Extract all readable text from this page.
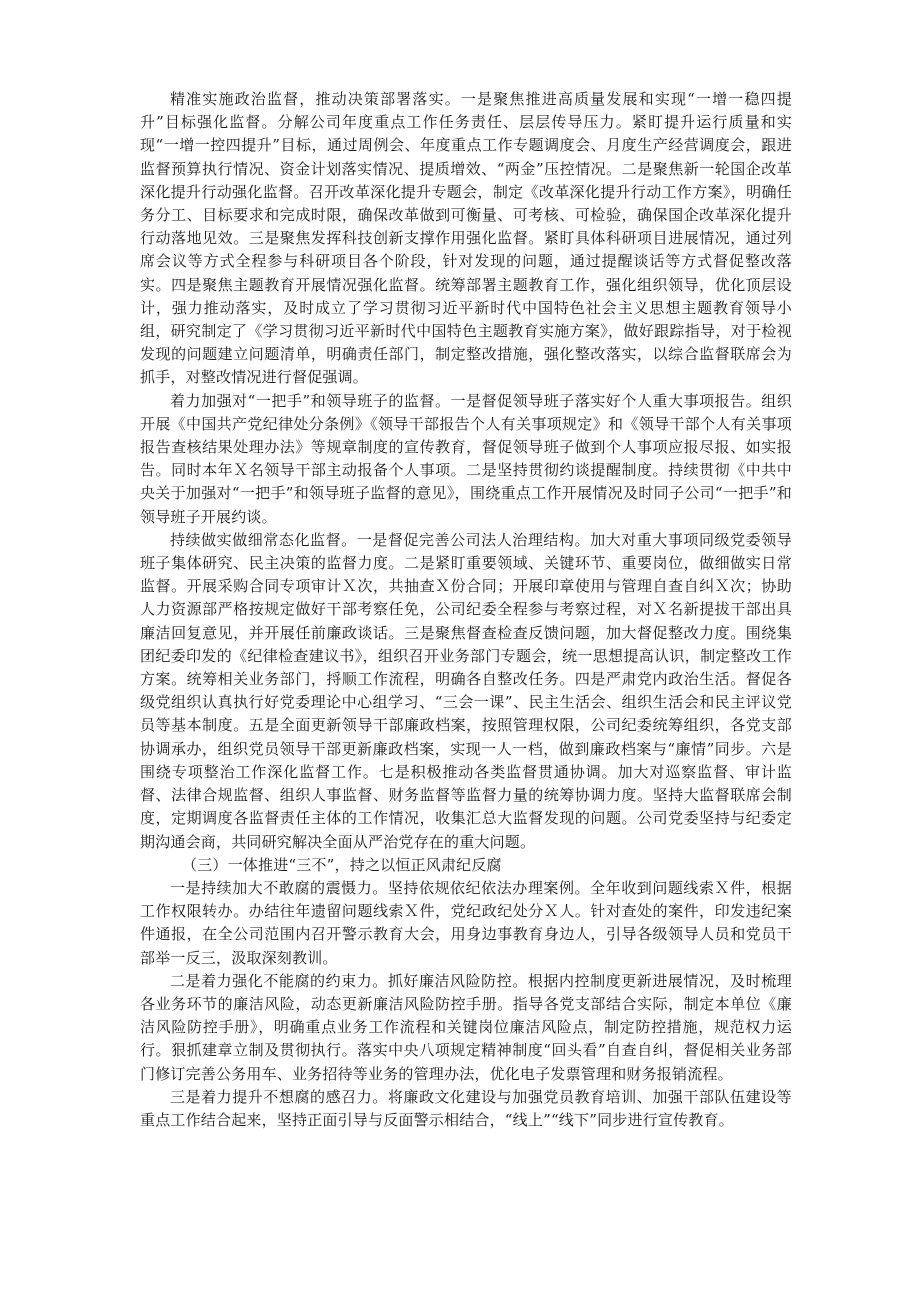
精准实施政治监督，推动决策部署落实。一是聚焦推进高质量发展和实现“一增一稳四提升”目标强化监督。分解公司年度重点工作任务责任、层层传导压力。紧盯提升运行质量和实现“一增一控四提升”目标，通过周例会、年度重点工作专题调度会、月度生产经营调度会，跟进监督预算执行情况、资金计划落实情况、提质增效、“两金”压控情况。二是聚焦新一轮国企改革深化提升行动强化监督。召开改革深化提升专题会，制定《改革深化提升行动工作方案》，明确任务分工、目标要求和完成时限，确保改革做到可衡量、可考核、可检验，确保国企改革深化提升行动落地见效。三是聚焦发挥科技创新支撑作用强化监督。紧盯具体科研项目进展情况，通过列席会议等方式全程参与科研项目各个阶段，针对发现的问题，通过提醒谈话等方式督促整改落实。四是聚焦主题教育开展情况强化监督。统筹部署主题教育工作，强化组织领导，优化顶层设计，强力推动落实，及时成立了学习贯彻习近平新时代中国特色社会主义思想主题教育领导小组，研究制定了《学习贯彻习近平新时代中国特色主题教育实施方案》，做好跟踪指导，对于检视发现的问题建立问题清单，明确责任部门，制定整改措施，强化整改落实，以综合监督联席会为抓手，对整改情况进行督促强调。

着力加强对“一把手”和领导班子的监督。一是督促领导班子落实好个人重大事项报告。组织开展《中国共产党纪律处分条例》《领导干部报告个人有关事项规定》和《领导干部个人有关事项报告查核结果处理办法》等规章制度的宣传教育，督促领导班子做到个人事项应报尽报、如实报告。同时本年Ｘ名领导干部主动报备个人事项。二是坚持贯彻约谈提醒制度。持续贯彻《中共中央关于加强对“一把手”和领导班子监督的意见》，围绕重点工作开展情况及时同子公司“一把手”和领导班子开展约谈。

持续做实做细常态化监督。一是督促完善公司法人治理结构。加大对重大事项同级党委领导班子集体研究、民主决策的监督力度。二是紧盯重要领域、关键环节、重要岗位，做细做实日常监督。开展采购合同专项审计Ｘ次，共抽查Ｘ份合同；开展印章使用与管理自查自纠Ｘ次；协助人力资源部严格按规定做好干部考察任免，公司纪委全程参与考察过程，对Ｘ名新提拔干部出具廉洁回复意见，并开展任前廉政谈话。三是聚焦督查检查反馈问题，加大督促整改力度。围绕集团纪委印发的《纪律检查建议书》，组织召开业务部门专题会，统一思想提高认识，制定整改工作方案。统筹相关业务部门，捋顺工作流程，明确各自整改任务。四是严肃党内政治生活。督促各级党组织认真执行好党委理论中心组学习、“三会一课”、民主生活会、组织生活会和民主评议党员等基本制度。五是全面更新领导干部廉政档案，按照管理权限，公司纪委统筹组织，各党支部协调承办，组织党员领导干部更新廉政档案，实现一人一档，做到廉政档案与“廉情”同步。六是围绕专项整治工作深化监督工作。七是积极推动各类监督贯通协调。加大对巡察监督、审计监督、法律合规监督、组织人事监督、财务监督等监督力量的统筹协调力度。坚持大监督联席会制度，定期调度各监督责任主体的工作情况，收集汇总大监督发现的问题。公司党委坚持与纪委定期沟通会商，共同研究解决全面从严治党存在的重大问题。

（三）一体推进“三不”，持之以恒正风肃纪反腐

一是持续加大不敢腐的震慑力。坚持依规依纪依法办理案例。全年收到问题线索Ｘ件，根据工作权限转办。办结往年遗留问题线索Ｘ件，党纪政纪处分Ｘ人。针对查处的案件，印发违纪案件通报，在全公司范围内召开警示教育大会，用身边事教育身边人，引导各级领导人员和党员干部举一反三，汲取深刻教训。

二是着力强化不能腐的约束力。抓好廉洁风险防控。根据内控制度更新进展情况，及时梳理各业务环节的廉洁风险，动态更新廉洁风险防控手册。指导各党支部结合实际，制定本单位《廉洁风险防控手册》，明确重点业务工作流程和关键岗位廉洁风险点，制定防控措施，规范权力运行。狠抓建章立制及贯彻执行。落实中央八项规定精神制度“回头看”自查自纠，督促相关业务部门修订完善公务用车、业务招待等业务的管理办法，优化电子发票管理和财务报销流程。

三是着力提升不想腐的感召力。将廉政文化建设与加强党员教育培训、加强干部队伍建设等重点工作结合起来，坚持正面引导与反面警示相结合，“线上”“线下”同步进行宣传教育。
